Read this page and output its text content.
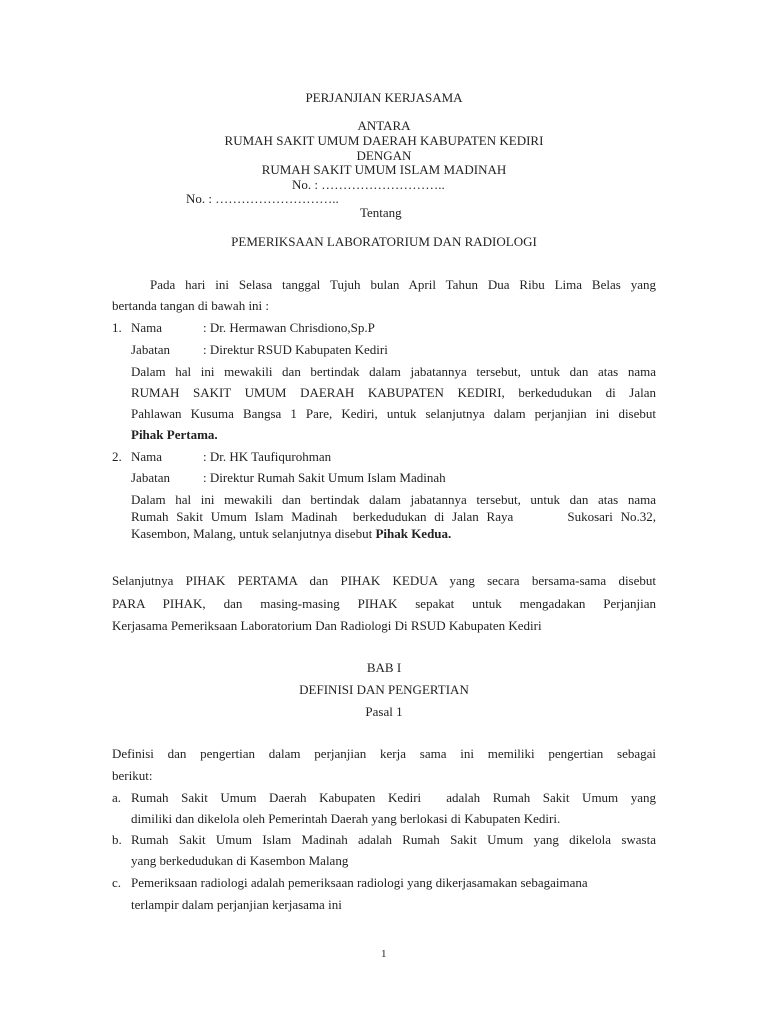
PERJANJIAN KERJASAMA
ANTARA
RUMAH SAKIT UMUM DAERAH KABUPATEN KEDIRI
DENGAN
RUMAH SAKIT UMUM ISLAM MADINAH
No. : ………………………..
No. : ………………………..
Tentang
PEMERIKSAAN LABORATORIUM DAN RADIOLOGI
Pada hari ini Selasa tanggal Tujuh bulan April Tahun Dua Ribu Lima Belas yang
bertanda tangan di bawah ini :
1. Nama	: Dr. Hermawan Chrisdiono,Sp.P
Jabatan	: Direktur RSUD Kabupaten Kediri
Dalam hal ini mewakili dan bertindak dalam jabatannya tersebut, untuk dan atas nama
RUMAH SAKIT UMUM DAERAH KABUPATEN KEDIRI, berkedudukan di Jalan
Pahlawan Kusuma Bangsa 1 Pare, Kediri, untuk selanjutnya dalam perjanjian ini disebut
Pihak Pertama.
2. Nama	: Dr. HK Taufiqurohman
Jabatan	: Direktur Rumah Sakit Umum Islam Madinah
Dalam hal ini mewakili dan bertindak dalam jabatannya tersebut, untuk dan atas nama
Rumah Sakit Umum Islam Madinah  berkedudukan di Jalan Raya       Sukosari No.32,
Kasembon, Malang, untuk selanjutnya disebut Pihak Kedua.
Selanjutnya PIHAK PERTAMA dan PIHAK KEDUA yang secara bersama-sama disebut
PARA PIHAK, dan masing-masing PIHAK sepakat untuk mengadakan Perjanjian
Kerjasama Pemeriksaan Laboratorium Dan Radiologi Di RSUD Kabupaten Kediri
BAB I
DEFINISI DAN PENGERTIAN
Pasal 1
Definisi dan pengertian dalam perjanjian kerja sama ini memiliki pengertian sebagai
berikut:
a. Rumah Sakit Umum Daerah Kabupaten Kediri  adalah Rumah Sakit Umum yang
dimiliki dan dikelola oleh Pemerintah Daerah yang berlokasi di Kabupaten Kediri.
b. Rumah Sakit Umum Islam Madinah adalah Rumah Sakit Umum yang dikelola swasta
yang berkedudukan di Kasembon Malang
c. Pemeriksaan radiologi adalah pemeriksaan radiologi yang dikerjasamakan sebagaimana
terlampir dalam perjanjian kerjasama ini
1
